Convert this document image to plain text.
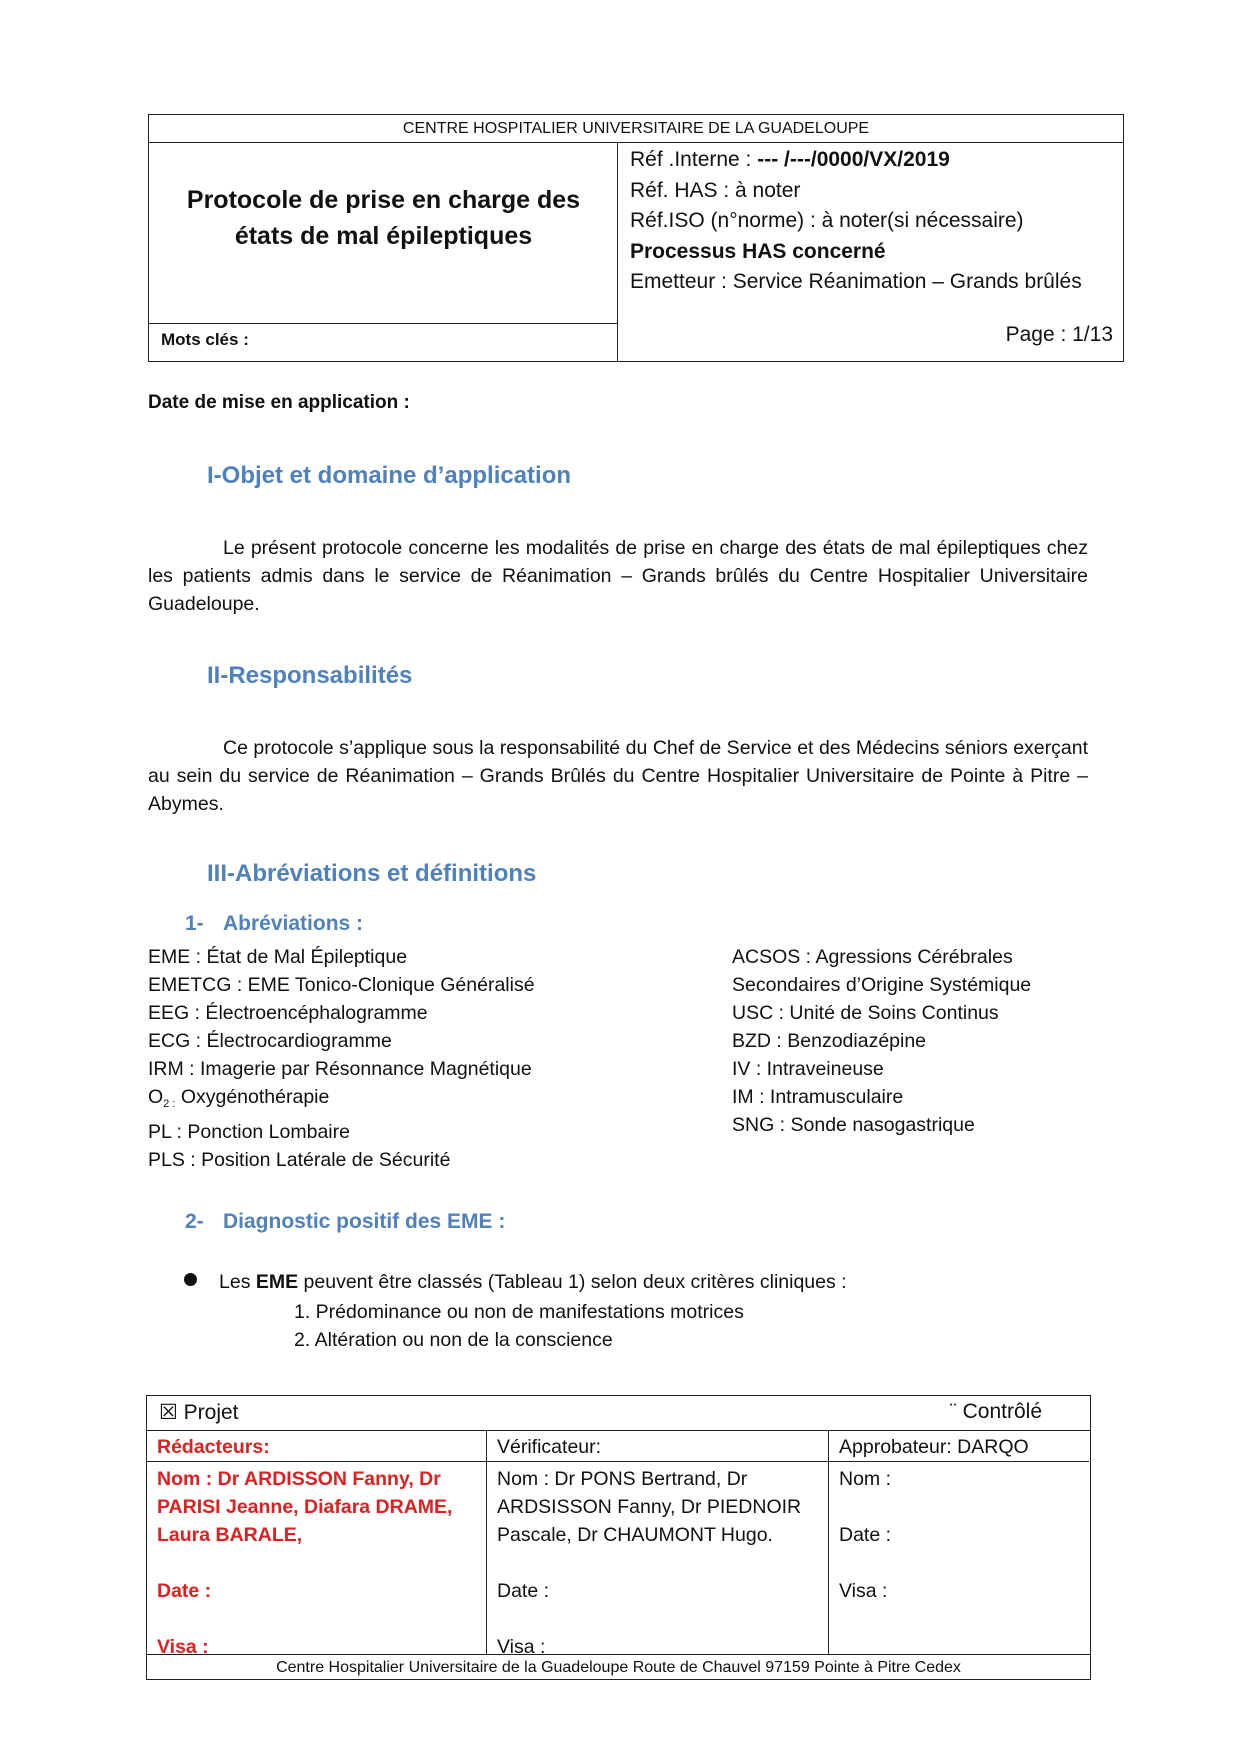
CENTRE HOSPITALIER UNIVERSITAIRE DE LA GUADELOUPE
Protocole de prise en charge des états de mal épileptiques
Mots clés :
Réf .Interne : --- /---/0000/VX/2019
Réf. HAS : à noter
Réf.ISO (n°norme) : à noter(si nécessaire)
Processus HAS concerné
Emetteur : Service Réanimation – Grands brûlés
Page : 1/13
Date de mise en application :
I-Objet et domaine d’application
Le présent protocole concerne les modalités de prise en charge des états de mal épileptiques chez les patients admis dans le service de Réanimation – Grands brûlés du Centre Hospitalier Universitaire Guadeloupe.
II-Responsabilités
Ce protocole s’applique sous la responsabilité du Chef de Service et des Médecins séniors exerçant au sein du service de Réanimation – Grands Brûlés du Centre Hospitalier Universitaire de Pointe à Pitre – Abymes.
III-Abréviations et définitions
1- Abréviations :
EME : État de Mal Épileptique
EMETCG : EME Tonico-Clonique Généralisé
EEG : Électroencéphalogramme
ECG : Électrocardiogramme
IRM : Imagerie par Résonnance Magnétique
$O_{2 :}$ Oxygénothérapie
PL : Ponction Lombaire
PLS : Position Latérale de Sécurité
ACSOS : Agressions Cérébrales
Secondaires d’Origine Systémique
USC : Unité de Soins Continus
BZD : Benzodiazépine
IV : Intraveineuse
IM : Intramusculaire
SNG : Sonde nasogastrique
2- Diagnostic positif des EME :
Les EME peuvent être classés (Tableau 1) selon deux critères cliniques :
1. Prédominance ou non de manifestations motrices
2. Altération ou non de la conscience
☒ Projet	¨ Contrôlé
Rédacteurs:
Nom : Dr ARDISSON Fanny, Dr PARISI Jeanne, Diafara DRAME, Laura BARALE,
Date :
Visa :
Vérificateur:
Nom : Dr PONS Bertrand, Dr ARDSISSON Fanny, Dr PIEDNOIR Pascale, Dr CHAUMONT Hugo.
Date :
Visa :
Approbateur: DARQO
Nom :
Date :
Visa :
Centre Hospitalier Universitaire de la Guadeloupe Route de Chauvel 97159 Pointe à Pitre Cedex
